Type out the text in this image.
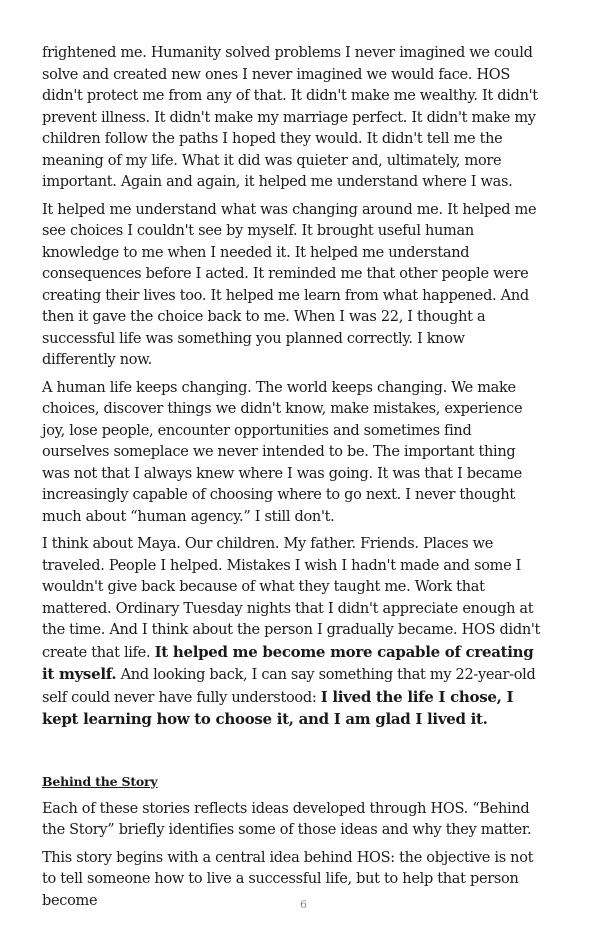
frightened me. Humanity solved problems I never imagined we could solve and created new ones I never imagined we would face. HOS didn't protect me from any of that. It didn't make me wealthy. It didn't prevent illness. It didn't make my marriage perfect. It didn't make my children follow the paths I hoped they would. It didn't tell me the meaning of my life. What it did was quieter and, ultimately, more important. Again and again, it helped me understand where I was.

It helped me understand what was changing around me. It helped me see choices I couldn't see by myself. It brought useful human knowledge to me when I needed it. It helped me understand consequences before I acted. It reminded me that other people were creating their lives too. It helped me learn from what happened. And then it gave the choice back to me. When I was 22, I thought a successful life was something you planned correctly. I know differently now.

A human life keeps changing. The world keeps changing. We make choices, discover things we didn't know, make mistakes, experience joy, lose people, encounter opportunities and sometimes find ourselves someplace we never intended to be. The important thing was not that I always knew where I was going. It was that I became increasingly capable of choosing where to go next. I never thought much about “human agency.” I still don't.

I think about Maya. Our children. My father. Friends. Places we traveled. People I helped. Mistakes I wish I hadn't made and some I wouldn't give back because of what they taught me. Work that mattered. Ordinary Tuesday nights that I didn't appreciate enough at the time. And I think about the person I gradually became. HOS didn't create that life. It helped me become more capable of creating it myself. And looking back, I can say something that my 22-year-old self could never have fully understood: I lived the life I chose, I kept learning how to choose it, and I am glad I lived it.

Behind the Story

Each of these stories reflects ideas developed through HOS. “Behind the Story” briefly identifies some of those ideas and why they matter.

This story begins with a central idea behind HOS: the objective is not to tell someone how to live a successful life, but to help that person become	6
